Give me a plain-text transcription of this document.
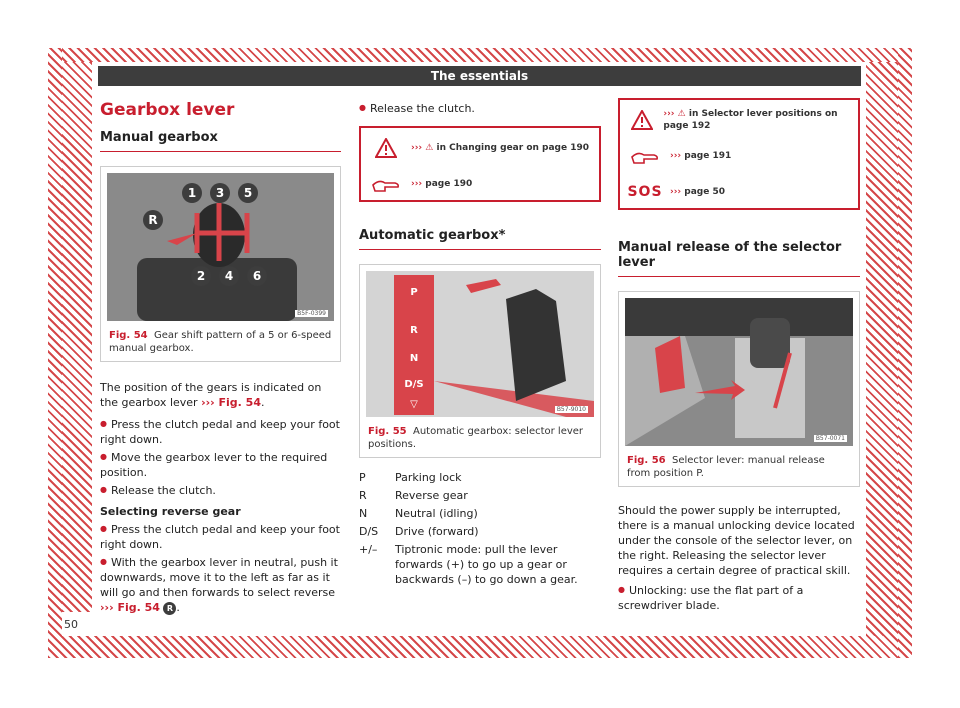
The essentials
Gearbox lever
Manual gearbox
1 3 5
R
2 4 6
B5F-0399
Fig. 54 Gear shift pattern of a 5 or 6-speed manual gearbox.

The position of the gears is indicated on the gearbox lever ››› Fig. 54.

● Press the clutch pedal and keep your foot right down.

● Move the gearbox lever to the required position.

● Release the clutch.

Selecting reverse gear

● Press the clutch pedal and keep your foot right down.

● With the gearbox lever in neutral, push it downwards, move it to the left as far as it will go and then forwards to select reverse ››› Fig. 54 R .

50

● Release the clutch.

››› ⚠ in Changing gear on page 190
››› page 190
Automatic gearbox*
P
R
N
D/S
▽	B57-9010
Fig. 55 Automatic gearbox: selector lever positions.
P	Parking lock
R	Reverse gear
N	Neutral (idling)
D/S	Drive (forward)
+/–	Tiptronic mode: pull the lever forwards (+) to go up a gear or backwards (–) to go down a gear.
››› ⚠ in Selector lever positions on page 192
››› page 191
SOS ››› page 50
Manual release of the selector lever
B57-0071
Fig. 56 Selector lever: manual release from position P.

Should the power supply be interrupted, there is a manual unlocking device located under the console of the selector lever, on the right. Releasing the selector lever requires a certain degree of practical skill.

● Unlocking: use the flat part of a screwdriver blade.
